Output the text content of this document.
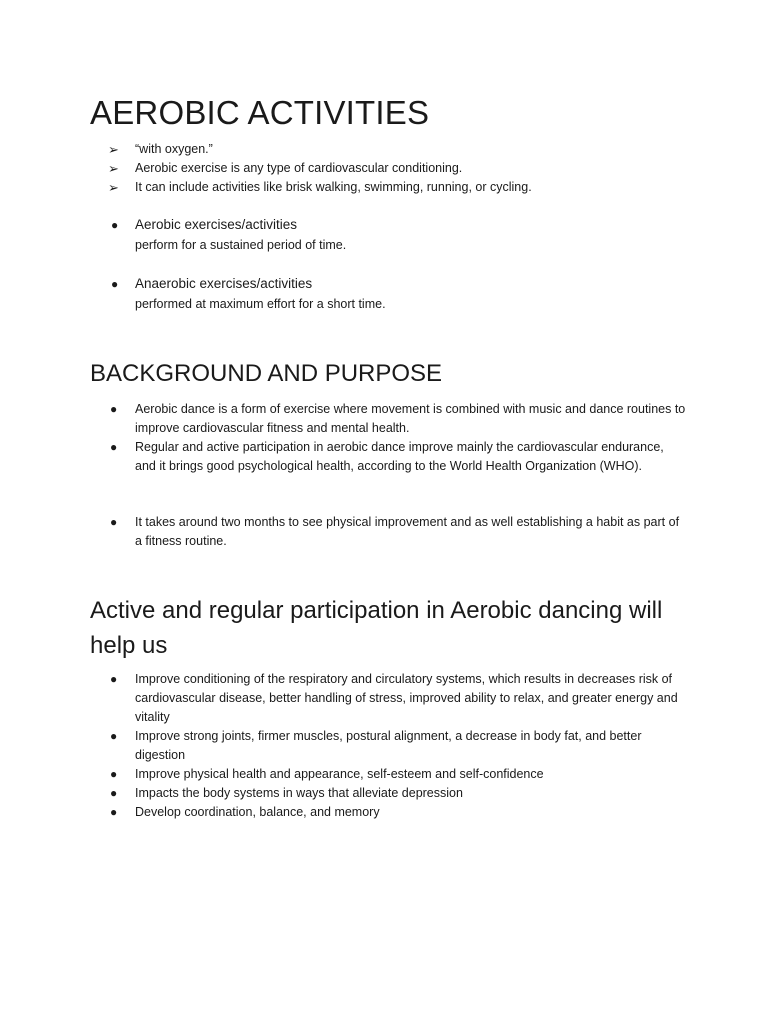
AEROBIC ACTIVITIES
➢ “with oxygen.”
➢ Aerobic exercise is any type of cardiovascular conditioning.
➢ It can include activities like brisk walking, swimming, running, or cycling.
● Aerobic exercises/activities
perform for a sustained period of time.
● Anaerobic exercises/activities
performed at maximum effort for a short time.
BACKGROUND AND PURPOSE
● Aerobic dance is a form of exercise where movement is combined with music and dance routines to improve cardiovascular fitness and mental health.
● Regular and active participation in aerobic dance improve mainly the cardiovascular endurance, and it brings good psychological health, according to the World Health Organization (WHO).
● It takes around two months to see physical improvement and as well establishing a habit as part of a fitness routine.
Active and regular participation in Aerobic dancing will help us
● Improve conditioning of the respiratory and circulatory systems, which results in decreases risk of cardiovascular disease, better handling of stress, improved ability to relax, and greater energy and vitality
● Improve strong joints, firmer muscles, postural alignment, a decrease in body fat, and better digestion
● Improve physical health and appearance, self-esteem and self-confidence
● Impacts the body systems in ways that alleviate depression
● Develop coordination, balance, and memory
